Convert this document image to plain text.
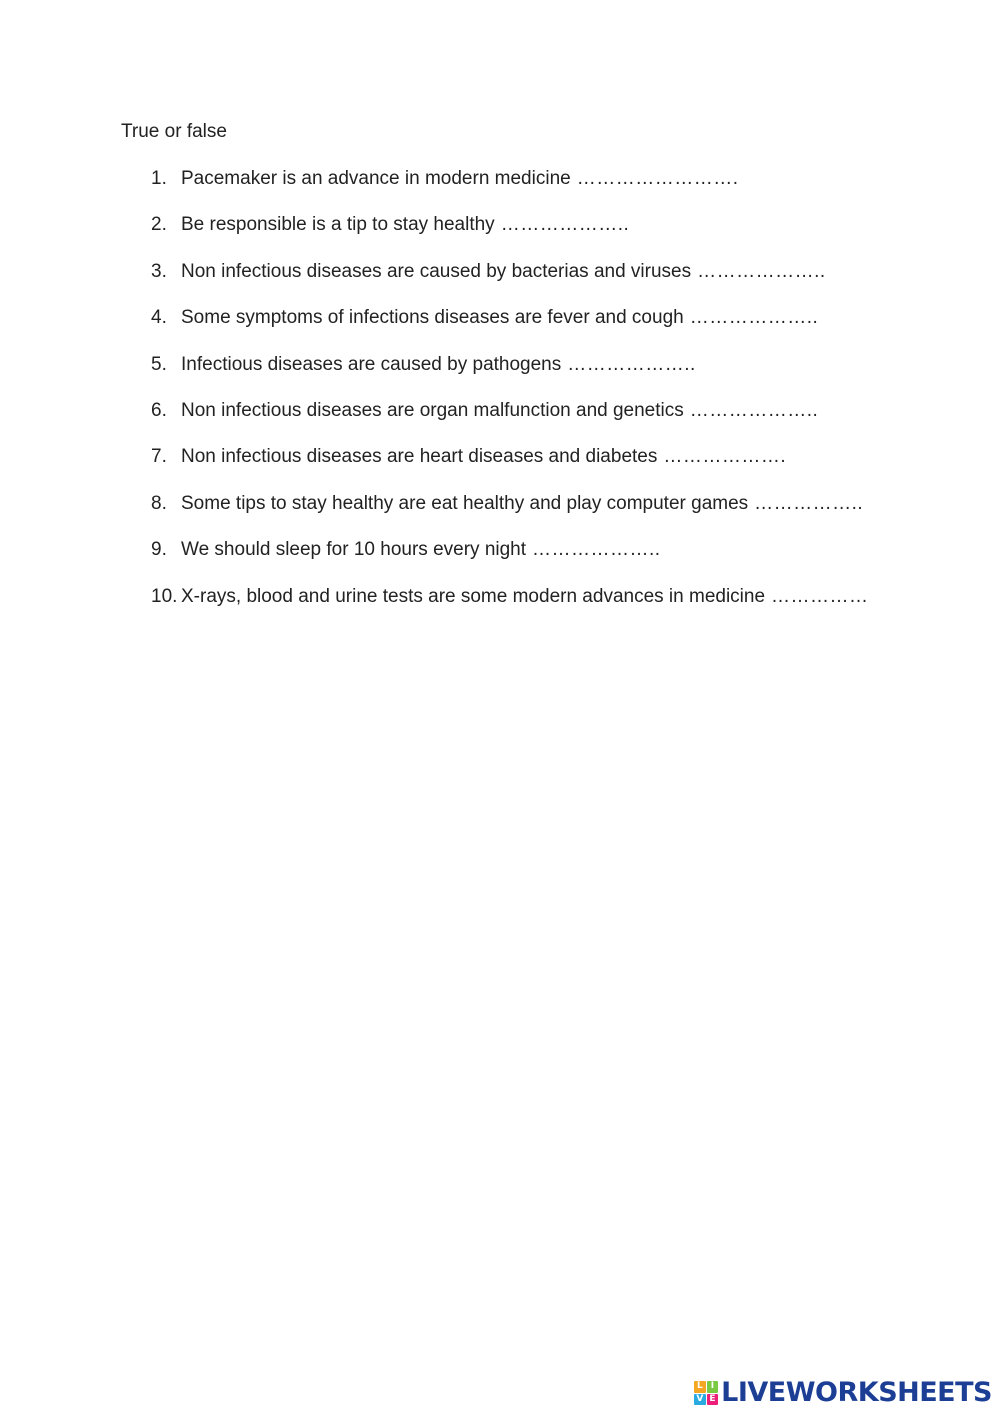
True or false
1. Pacemaker is an advance in modern medicine …………………….
2. Be responsible is a tip to stay healthy ………………..
3. Non infectious diseases are caused by bacterias and viruses ………………..
4. Some symptoms of infections diseases are fever and cough ………………..
5. Infectious diseases are caused by pathogens ………………..
6. Non infectious diseases are organ malfunction and genetics ………………..
7. Non infectious diseases are heart diseases and diabetes ……………….
8. Some tips to stay healthy are eat healthy and play computer games ……………..
9. We should sleep for 10 hours every night ………………..
10. X-rays, blood and urine tests are some modern advances in medicine ……………
L I
V E LIVEWORKSHEETS
